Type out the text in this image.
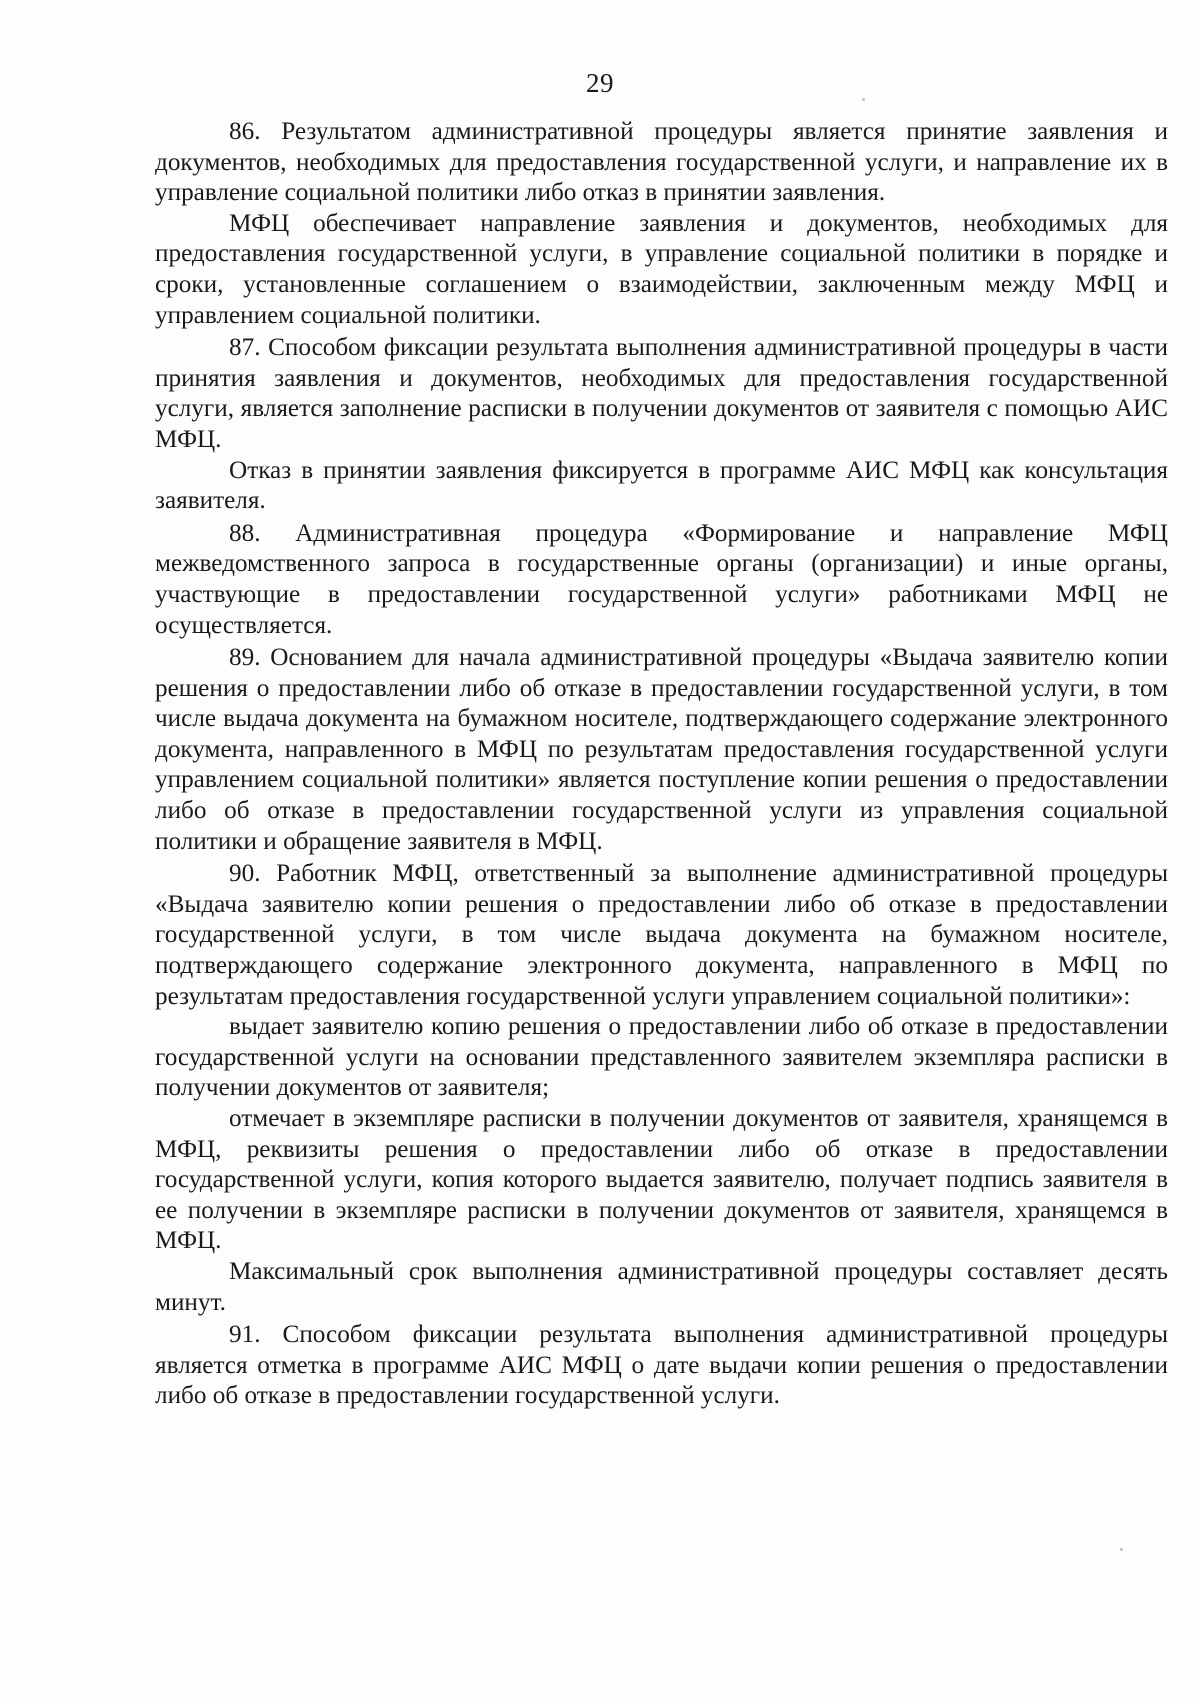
29

86. Результатом административной процедуры является принятие заявления и документов, необходимых для предоставления государственной услуги, и направление их в управление социальной политики либо отказ в принятии заявления.

МФЦ обеспечивает направление заявления и документов, необходимых для предоставления государственной услуги, в управление социальной политики в порядке и сроки, установленные соглашением о взаимодействии, заключенным между МФЦ и управлением социальной политики.

87. Способом фиксации результата выполнения административной процедуры в части принятия заявления и документов, необходимых для предоставления государственной услуги, является заполнение расписки в получении документов от заявителя с помощью АИС МФЦ.

Отказ в принятии заявления фиксируется в программе АИС МФЦ как консультация заявителя.

88. Административная процедура «Формирование и направление МФЦ межведомственного запроса в государственные органы (организации) и иные органы, участвующие в предоставлении государственной услуги» работниками МФЦ не осуществляется.

89. Основанием для начала административной процедуры «Выдача заявителю копии решения о предоставлении либо об отказе в предоставлении государственной услуги, в том числе выдача документа на бумажном носителе, подтверждающего содержание электронного документа, направленного в МФЦ по результатам предоставления государственной услуги управлением социальной политики» является поступление копии решения о предоставлении либо об отказе в предоставлении государственной услуги из управления социальной политики и обращение заявителя в МФЦ.

90. Работник МФЦ, ответственный за выполнение административной процедуры «Выдача заявителю копии решения о предоставлении либо об отказе в предоставлении государственной услуги, в том числе выдача документа на бумажном носителе, подтверждающего содержание электронного документа, направленного в МФЦ по результатам предоставления государственной услуги управлением социальной политики»:

выдает заявителю копию решения о предоставлении либо об отказе в предоставлении государственной услуги на основании представленного заявителем экземпляра расписки в получении документов от заявителя;

отмечает в экземпляре расписки в получении документов от заявителя, хранящемся в МФЦ, реквизиты решения о предоставлении либо об отказе в предоставлении государственной услуги, копия которого выдается заявителю, получает подпись заявителя в ее получении в экземпляре расписки в получении документов от заявителя, хранящемся в МФЦ.

Максимальный срок выполнения административной процедуры составляет десять минут.

91. Способом фиксации результата выполнения административной процедуры является отметка в программе АИС МФЦ о дате выдачи копии решения о предоставлении либо об отказе в предоставлении государственной услуги.
